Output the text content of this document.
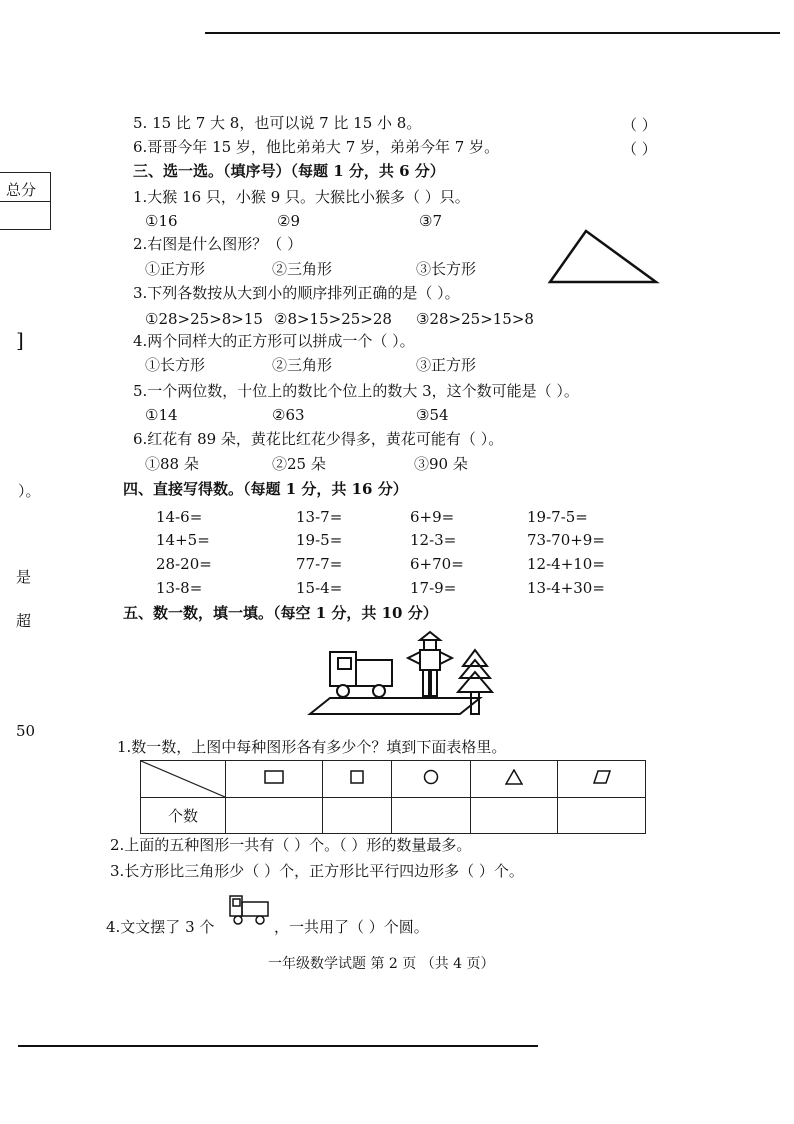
总分
]
）。
是
超
50
5. 15 比 7 大 8，也可以说 7 比 15 小 8。	（ ）
6.哥哥今年 15 岁，他比弟弟大 7 岁，弟弟今年 7 岁。	（ ）
三、选一选。（填序号）（每题 1 分，共 6 分）
1.大猴 16 只，小猴 9 只。大猴比小猴多（ ）只。
①16	②9	③7
2.右图是什么图形？（ ）
①正方形	②三角形	③长方形
3.下列各数按从大到小的顺序排列正确的是（ ）。
①28>25>8>15 ②8>15>25>28 ③28>25>15>8
4.两个同样大的正方形可以拼成一个（ ）。
①长方形	②三角形	③正方形
5.一个两位数，十位上的数比个位上的数大 3，这个数可能是（ ）。
①14	②63	③54
6.红花有 89 朵，黄花比红花少得多，黄花可能有（ ）。
①88 朵	②25 朵	③90 朵
四、直接写得数。（每题 1 分，共 16 分）
14-6=	13-7=	6+9=	19-7-5=
14+5=	19-5=	12-3=	73-70+9=
28-20=	77-7=	6+70=	12-4+10=
13-8=	15-4=	17-9=	13-4+30=
五、数一数，填一填。（每空 1 分，共 10 分）
1.数一数，上图中每种图形各有多少个？填到下面表格里。

个数					
2.上面的五种图形一共有（ ）个。（ ）形的数量最多。
3.长方形比三角形少（ ）个，正方形比平行四边形多（ ）个。
4.文文摆了 3 个	，一共用了（ ）个圆。
一年级数学试题 第 2 页 （共 4 页）
